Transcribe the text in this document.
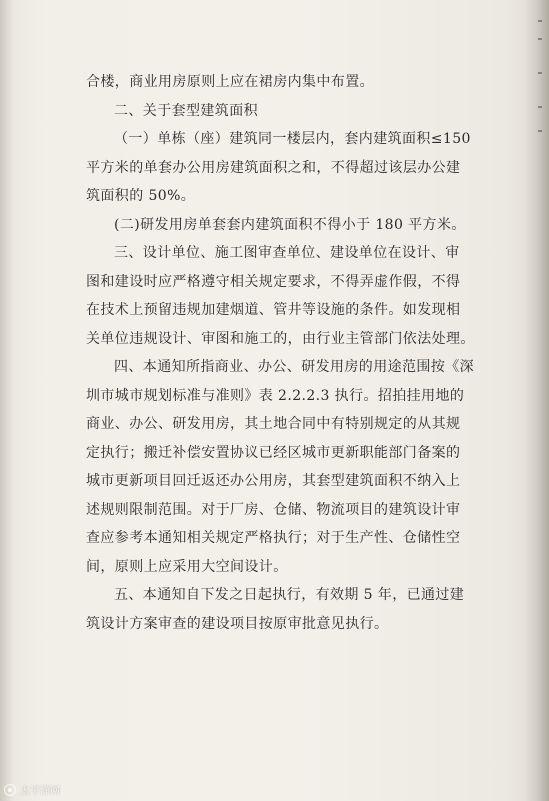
合楼，商业用房原则上应在裙房内集中布置。
二、关于套型建筑面积
（一）单栋（座）建筑同一楼层内，套内建筑面积≤150
平方米的单套办公用房建筑面积之和，不得超过该层办公建
筑面积的 50%。
(二)研发用房单套套内建筑面积不得小于 180 平方米。
三、设计单位、施工图审查单位、建设单位在设计、审
图和建设时应严格遵守相关规定要求，不得弄虚作假，不得
在技术上预留违规加建烟道、管井等设施的条件。如发现相
关单位违规设计、审图和施工的，由行业主管部门依法处理。
四、本通知所指商业、办公、研发用房的用途范围按《深
圳市城市规划标准与准则》表 2.2.2.3 执行。招拍挂用地的
商业、办公、研发用房，其土地合同中有特别规定的从其规
定执行；搬迁补偿安置协议已经区城市更新职能部门备案的
城市更新项目回迁返还办公用房，其套型建筑面积不纳入上
述规则限制范围。对于厂房、仓储、物流项目的建筑设计审
查应参考本通知相关规定严格执行；对于生产性、仓储性空
间，原则上应采用大空间设计。
五、本通知自下发之日起执行，有效期 5 年，已通过建
筑设计方案审查的建设项目按原审批意见执行。
太平洋网
